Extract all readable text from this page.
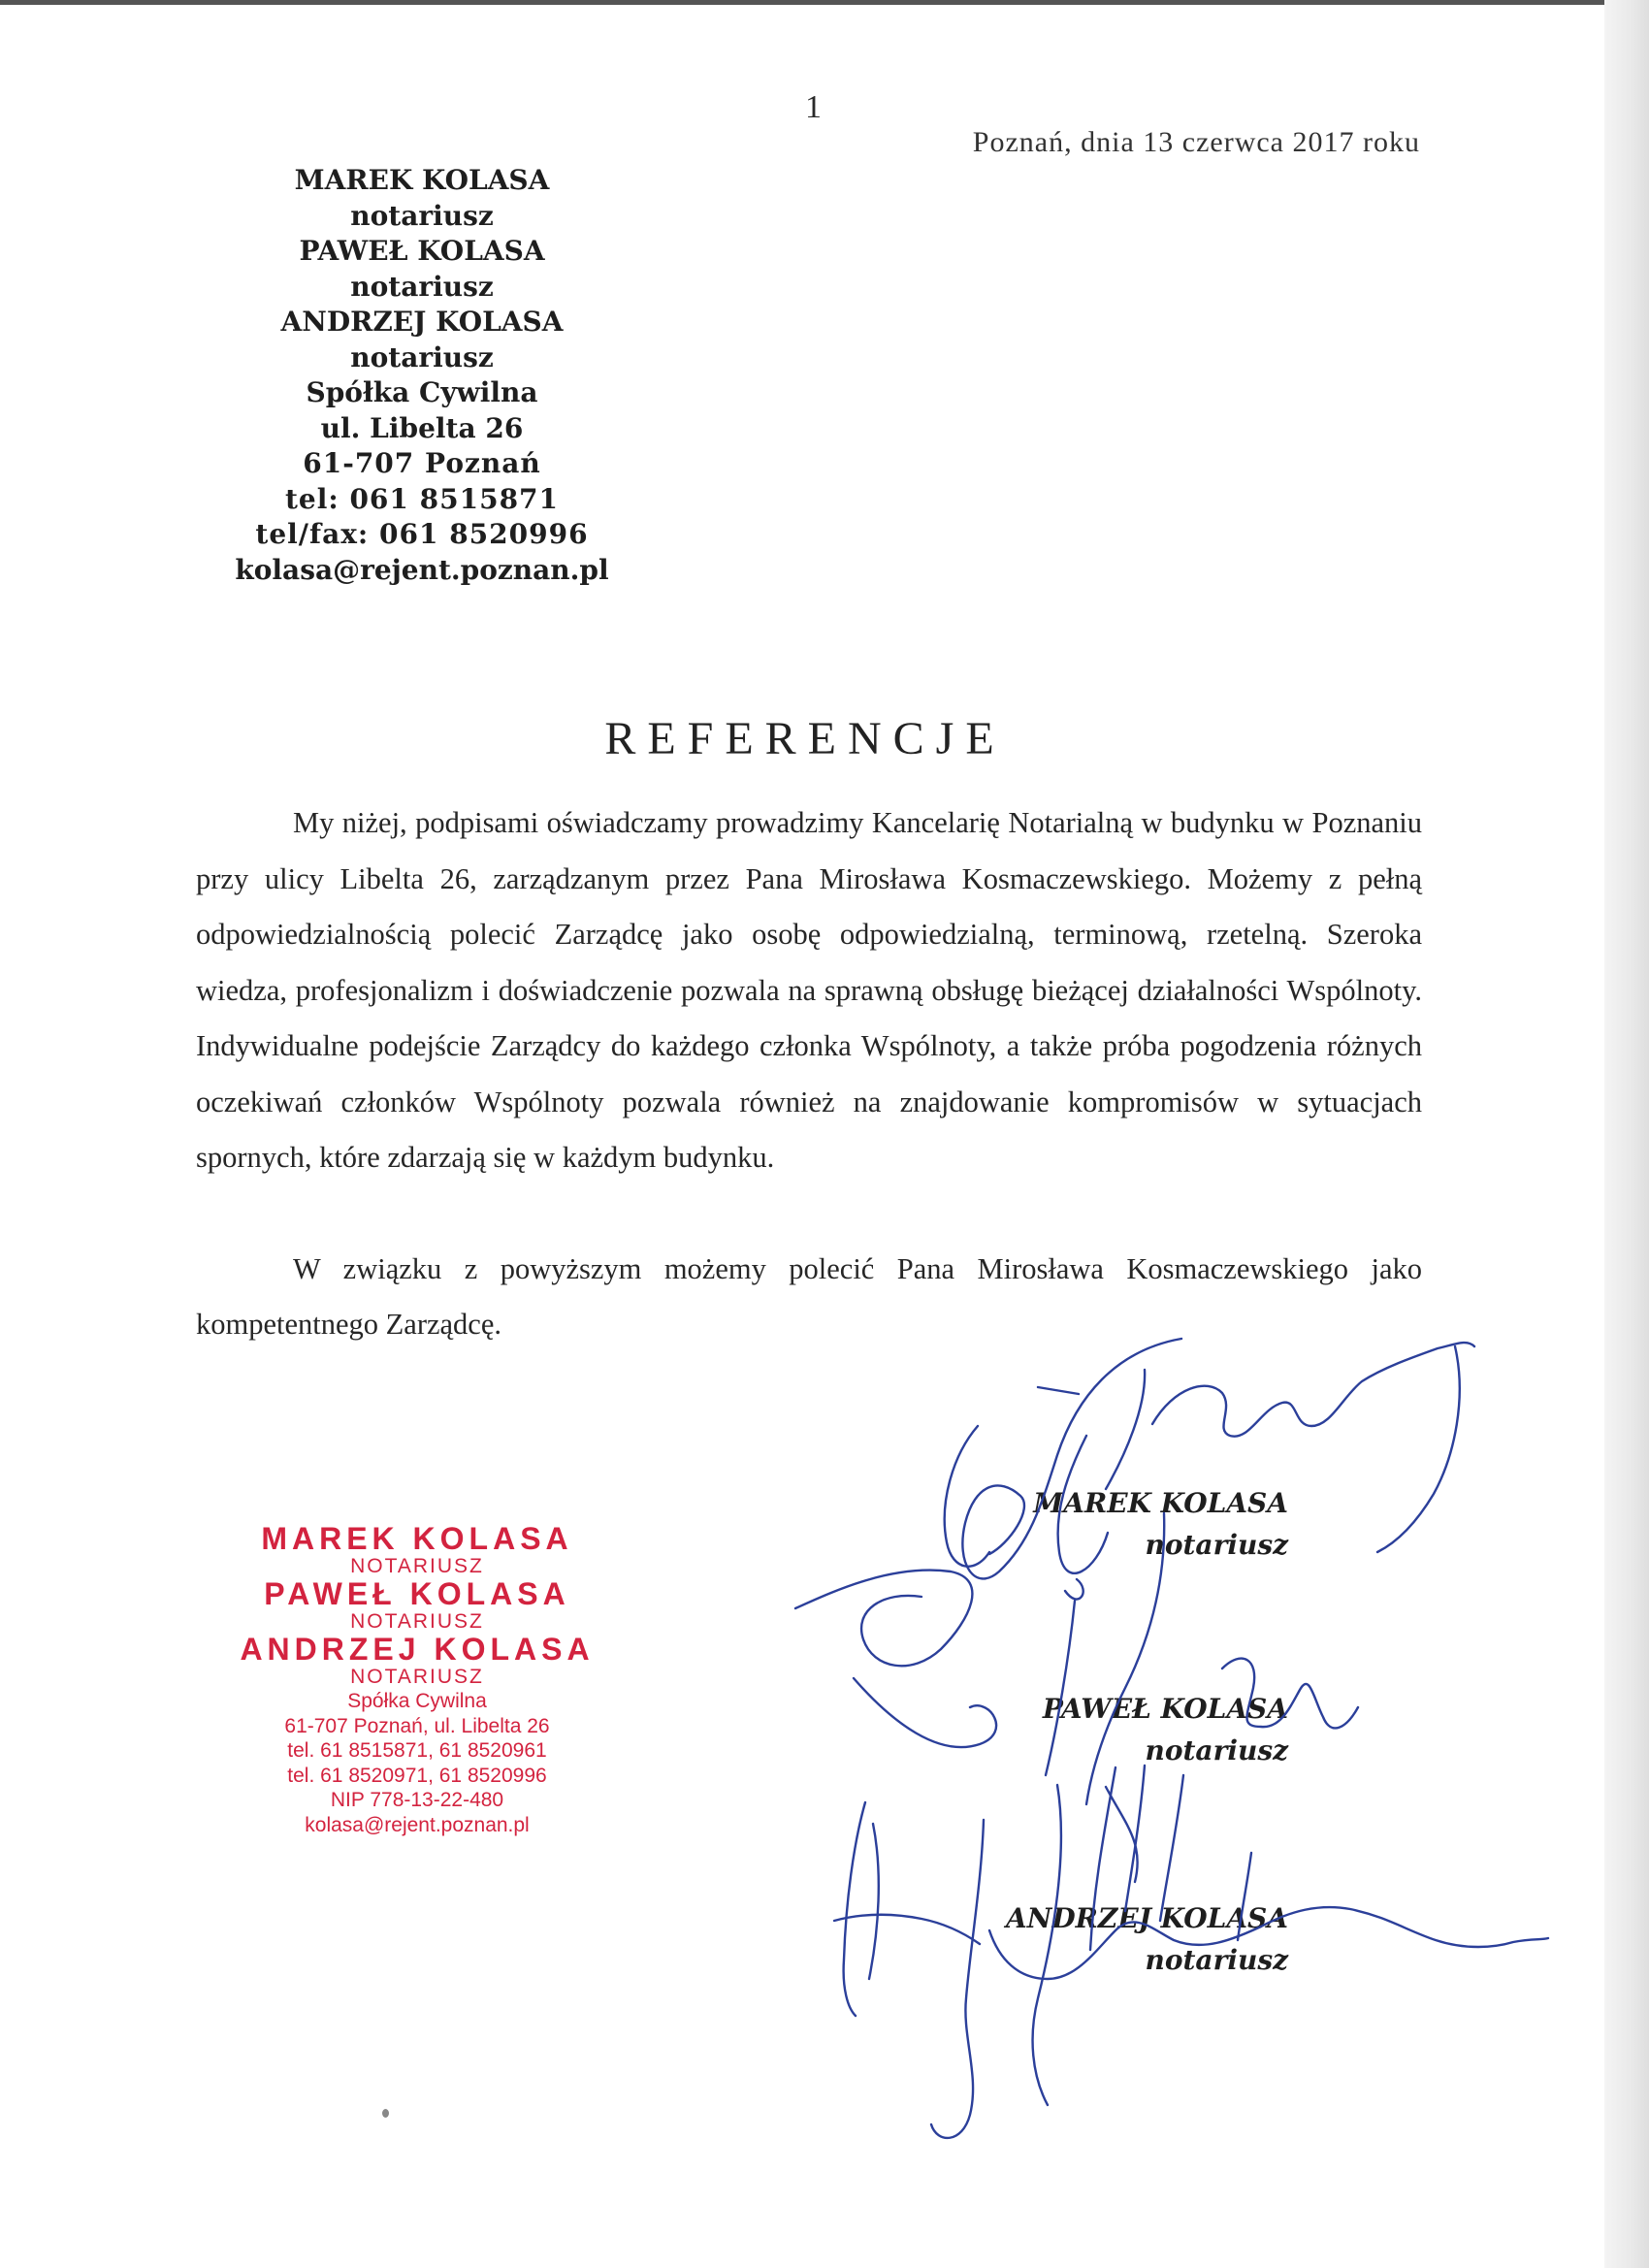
1
Poznań, dnia 13 czerwca 2017 roku
MAREK KOLASA
notariusz
PAWEŁ KOLASA
notariusz
ANDRZEJ KOLASA
notariusz
Spółka Cywilna
ul. Libelta 26
61-707 Poznań
tel: 061 8515871
tel/fax: 061 8520996
kolasa@rejent.poznan.pl
REFERENCJE

My niżej, podpisami oświadczamy prowadzimy Kancelarię Notarialną w budynku w Poznaniu przy ulicy Libelta 26, zarządzanym przez Pana Mirosława Kosmaczewskiego. Możemy z pełną odpowiedzialnością polecić Zarządcę jako osobę odpowiedzialną, terminową, rzetelną. Szeroka wiedza, profesjonalizm i doświadczenie pozwala na sprawną obsługę bieżącej działalności Wspólnoty. Indywidualne podejście Zarządcy do każdego członka Wspólnoty, a także próba pogodzenia różnych oczekiwań członków Wspólnoty pozwala również na znajdowanie kompromisów w sytuacjach spornych, które zdarzają się w każdym budynku.

W związku z powyższym możemy polecić Pana Mirosława Kosmaczewskiego jako kompetentnego Zarządcę.

MAREK KOLASA
NOTARIUSZ
PAWEŁ KOLASA
NOTARIUSZ
ANDRZEJ KOLASA
NOTARIUSZ
Spółka Cywilna
61-707 Poznań, ul. Libelta 26
tel. 61 8515871, 61 8520961
tel. 61 8520971, 61 8520996
NIP 778-13-22-480
kolasa@rejent.poznan.pl
MAREK KOLASA
notariusz
PAWEŁ KOLASA
notariusz
ANDRZEJ KOLASA
notariusz
